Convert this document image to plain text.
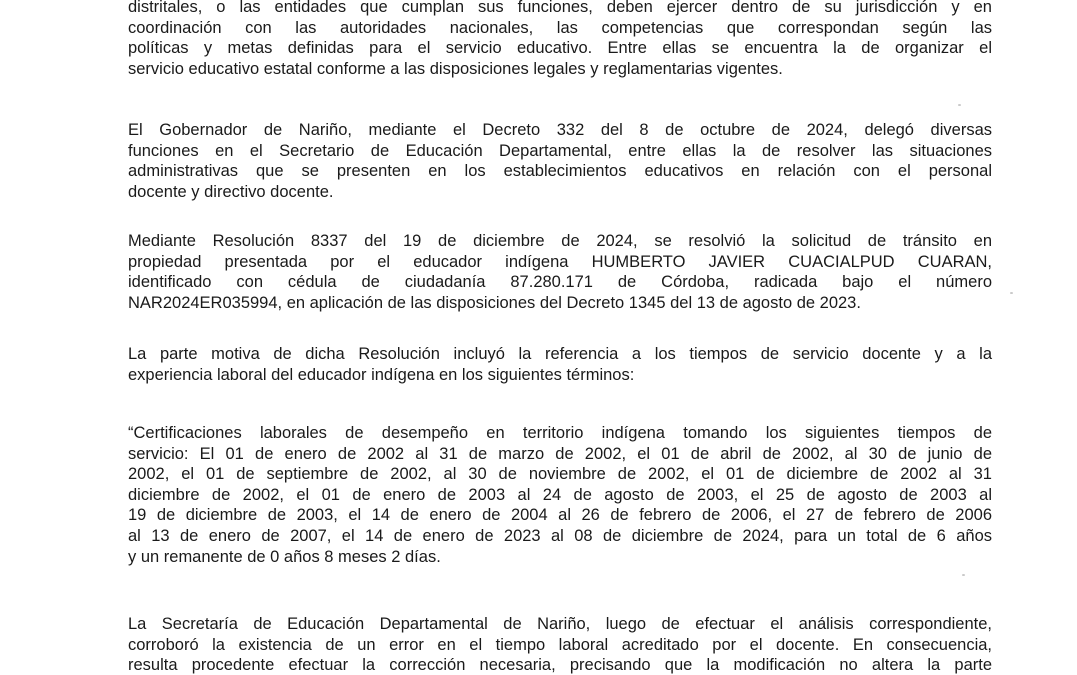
distritales, o las entidades que cumplan sus funciones, deben ejercer dentro de su jurisdicción y en
coordinación con las autoridades nacionales, las competencias que correspondan según las
políticas y metas definidas para el servicio educativo. Entre ellas se encuentra la de organizar el
servicio educativo estatal conforme a las disposiciones legales y reglamentarias vigentes.
El Gobernador de Nariño, mediante el Decreto 332 del 8 de octubre de 2024, delegó diversas
funciones en el Secretario de Educación Departamental, entre ellas la de resolver las situaciones
administrativas que se presenten en los establecimientos educativos en relación con el personal
docente y directivo docente.
Mediante Resolución 8337 del 19 de diciembre de 2024, se resolvió la solicitud de tránsito en
propiedad presentada por el educador indígena HUMBERTO JAVIER CUACIALPUD CUARAN,
identificado con cédula de ciudadanía 87.280.171 de Córdoba, radicada bajo el número
NAR2024ER035994, en aplicación de las disposiciones del Decreto 1345 del 13 de agosto de 2023.
La parte motiva de dicha Resolución incluyó la referencia a los tiempos de servicio docente y a la
experiencia laboral del educador indígena en los siguientes términos:
“Certificaciones laborales de desempeño en territorio indígena tomando los siguientes tiempos de
servicio: El 01 de enero de 2002 al 31 de marzo de 2002, el 01 de abril de 2002, al 30 de junio de
2002, el 01 de septiembre de 2002, al 30 de noviembre de 2002, el 01 de diciembre de 2002 al 31
diciembre de 2002, el 01 de enero de 2003 al 24 de agosto de 2003, el 25 de agosto de 2003 al
19 de diciembre de 2003, el 14 de enero de 2004 al 26 de febrero de 2006, el 27 de febrero de 2006
al 13 de enero de 2007, el 14 de enero de 2023 al 08 de diciembre de 2024, para un total de 6 años
y un remanente de 0 años 8 meses 2 días.
La Secretaría de Educación Departamental de Nariño, luego de efectuar el análisis correspondiente,
corroboró la existencia de un error en el tiempo laboral acreditado por el docente. En consecuencia,
resulta procedente efectuar la corrección necesaria, precisando que la modificación no altera la parte
